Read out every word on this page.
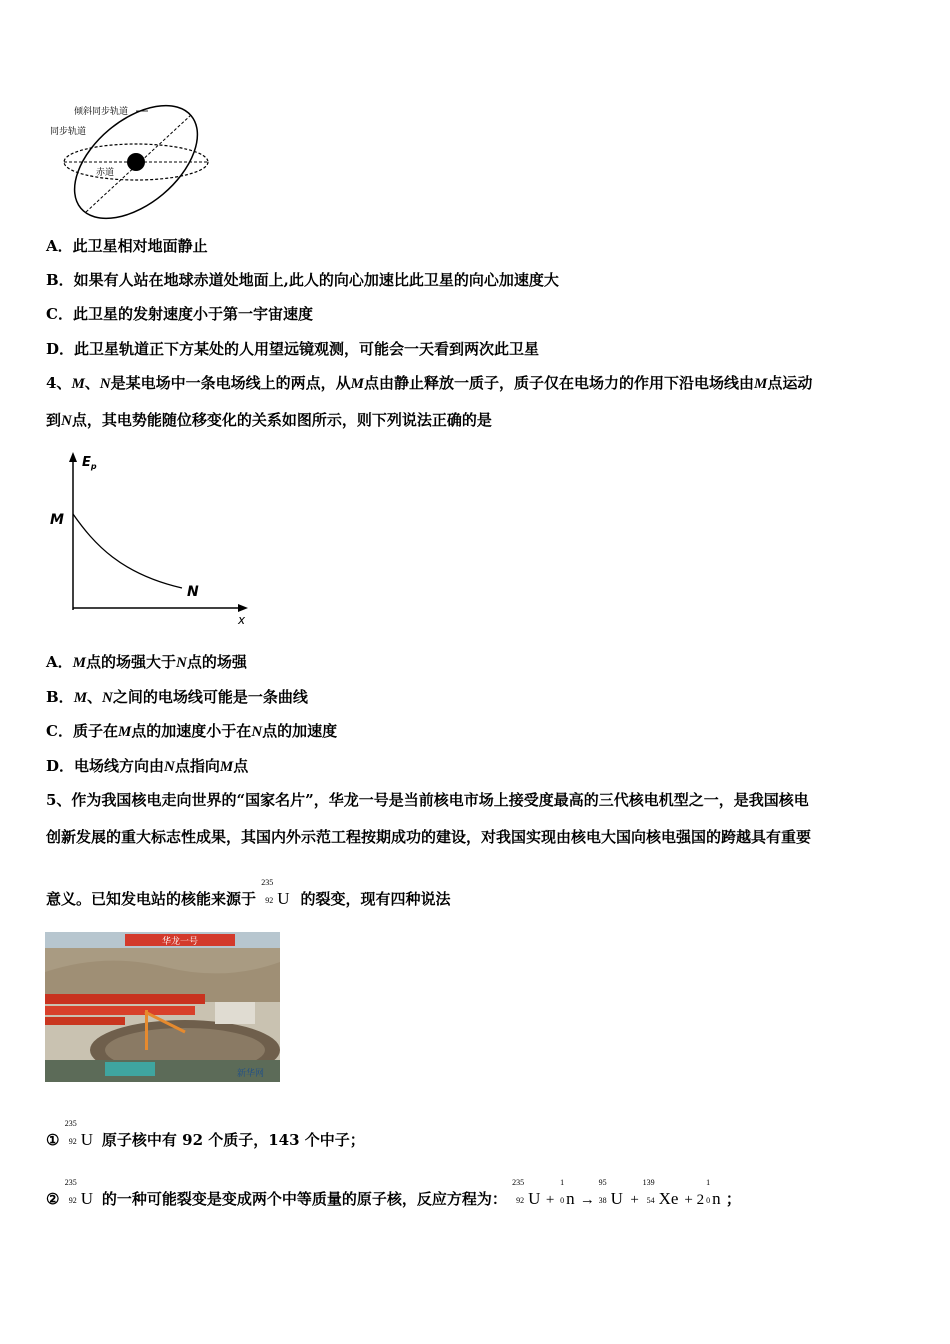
倾斜同步轨道
同步轨道
赤道
A．此卫星相对地面静止
B．如果有人站在地球赤道处地面上,此人的向心加速比此卫星的向心加速度大
C．此卫星的发射速度小于第一宇宙速度
D．此卫星轨道正下方某处的人用望远镜观测，可能会一天看到两次此卫星
4、M、N是某电场中一条电场线上的两点，从M点由静止释放一质子，质子仅在电场力的作用下沿电场线由M点运动
到N点，其电势能随位移变化的关系如图所示，则下列说法正确的是
$E_p$
x
M
N
A．M点的场强大于N点的场强
B．M、N之间的电场线可能是一条曲线
C．质子在M点的加速度小于在N点的加速度
D．电场线方向由N点指向M点
5、作为我国核电走向世界的“国家名片”，华龙一号是当前核电市场上接受度最高的三代核电机型之一，是我国核电
创新发展的重大标志性成果，其国内外示范工程按期成功的建设，对我国实现由核电大国向核电强国的跨越具有重要
意义。已知发电站的核能来源于
235
92 U 的裂变，现有四种说法
华龙一号
新华网
①
235
92 U 原子核中有 92 个质子，143 个中子；
②
235
92 U 的一种可能裂变是变成两个中等质量的原子核，反应方程为：
235
92 U +
1
0 n →
95
38 U +
139
54 Xe + 2
1
0 n ；
